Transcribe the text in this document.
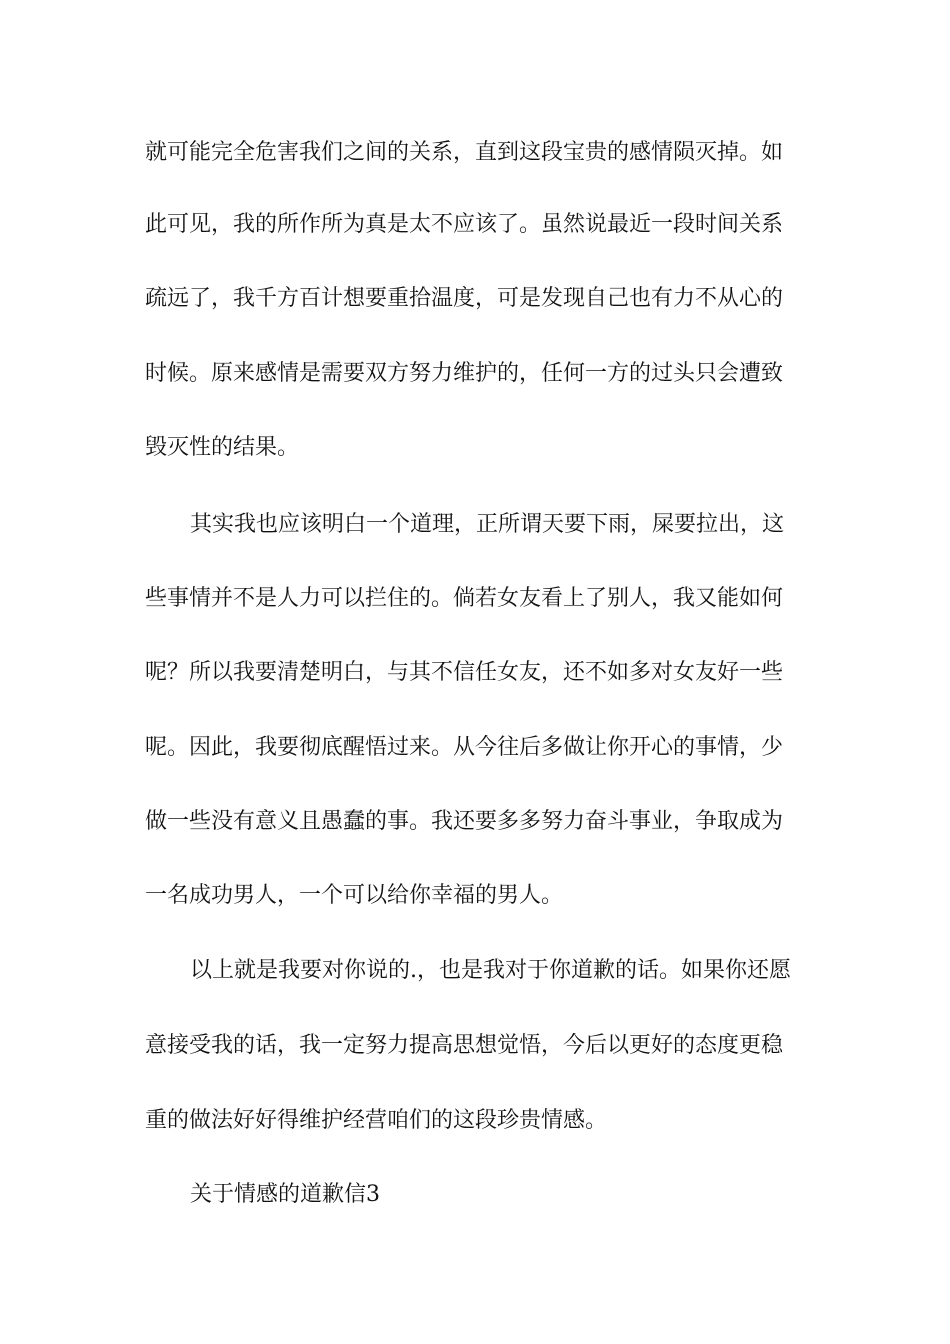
就可能完全危害我们之间的关系，直到这段宝贵的感情陨灭掉。如
此可见，我的所作所为真是太不应该了。虽然说最近一段时间关系
疏远了，我千方百计想要重拾温度，可是发现自己也有力不从心的
时候。原来感情是需要双方努力维护的，任何一方的过头只会遭致
毁灭性的结果。
其实我也应该明白一个道理，正所谓天要下雨，屎要拉出，这
些事情并不是人力可以拦住的。倘若女友看上了别人，我又能如何
呢？所以我要清楚明白，与其不信任女友，还不如多对女友好一些
呢。因此，我要彻底醒悟过来。从今往后多做让你开心的事情，少
做一些没有意义且愚蠢的事。我还要多多努力奋斗事业，争取成为
一名成功男人，一个可以给你幸福的男人。
以上就是我要对你说的.，也是我对于你道歉的话。如果你还愿
意接受我的话，我一定努力提高思想觉悟，今后以更好的态度更稳
重的做法好好得维护经营咱们的这段珍贵情感。
关于情感的道歉信3
